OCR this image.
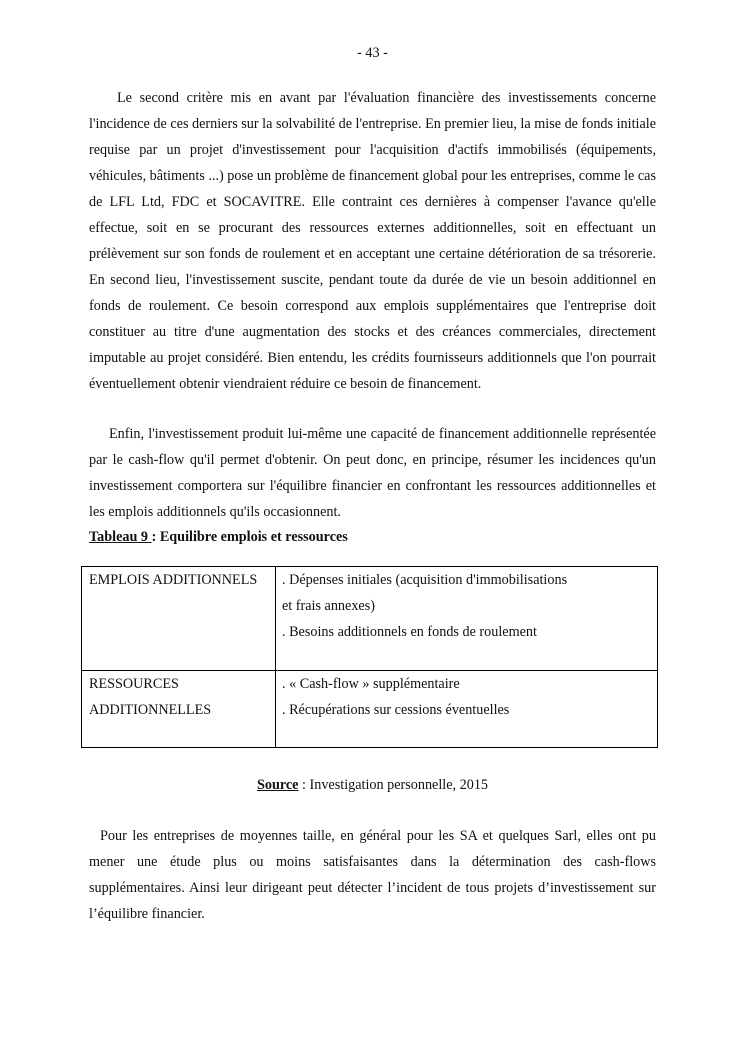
- 43 -

Le second critère mis en avant par l'évaluation financière des investissements concerne l'incidence de ces derniers sur la solvabilité de l'entreprise. En premier lieu, la mise de fonds initiale requise par un projet d'investissement pour l'acquisition d'actifs immobilisés (équipements, véhicules, bâtiments ...) pose un problème de financement global pour les entreprises, comme le cas de LFL Ltd, FDC et SOCAVITRE. Elle contraint ces dernières à compenser l'avance qu'elle effectue, soit en se procurant des ressources externes additionnelles, soit en effectuant un prélèvement sur son fonds de roulement et en acceptant une certaine détérioration de sa trésorerie. En second lieu, l'investissement suscite, pendant toute da durée de vie un besoin additionnel en fonds de roulement. Ce besoin correspond aux emplois supplémentaires que l'entreprise doit constituer au titre d'une augmentation des stocks et des créances commerciales, directement imputable au projet considéré. Bien entendu, les crédits fournisseurs additionnels que l'on pourrait éventuellement obtenir viendraient réduire ce besoin de financement.

Enfin, l'investissement produit lui-même une capacité de financement additionnelle représentée par le cash-flow qu'il permet d'obtenir. On peut donc, en principe, résumer les incidences qu'un investissement comportera sur l'équilibre financier en confrontant les ressources additionnelles et les emplois additionnels qu'ils occasionnent.

Tableau 9 : Equilibre emplois et ressources
EMPLOIS ADDITIONNELS	. Dépenses initiales (acquisition d'immobilisations
et frais annexes)
. Besoins additionnels en fonds de roulement

RESSOURCES
ADDITIONNELLES	. « Cash-flow » supplémentaire
. Récupérations sur cessions éventuelles
Source : Investigation personnelle, 2015

Pour les entreprises de moyennes taille, en général pour les SA et quelques Sarl, elles ont pu mener une étude plus ou moins satisfaisantes dans la détermination des cash-flows supplémentaires. Ainsi leur dirigeant peut détecter l’incident de tous projets d’investissement sur l’équilibre financier.
